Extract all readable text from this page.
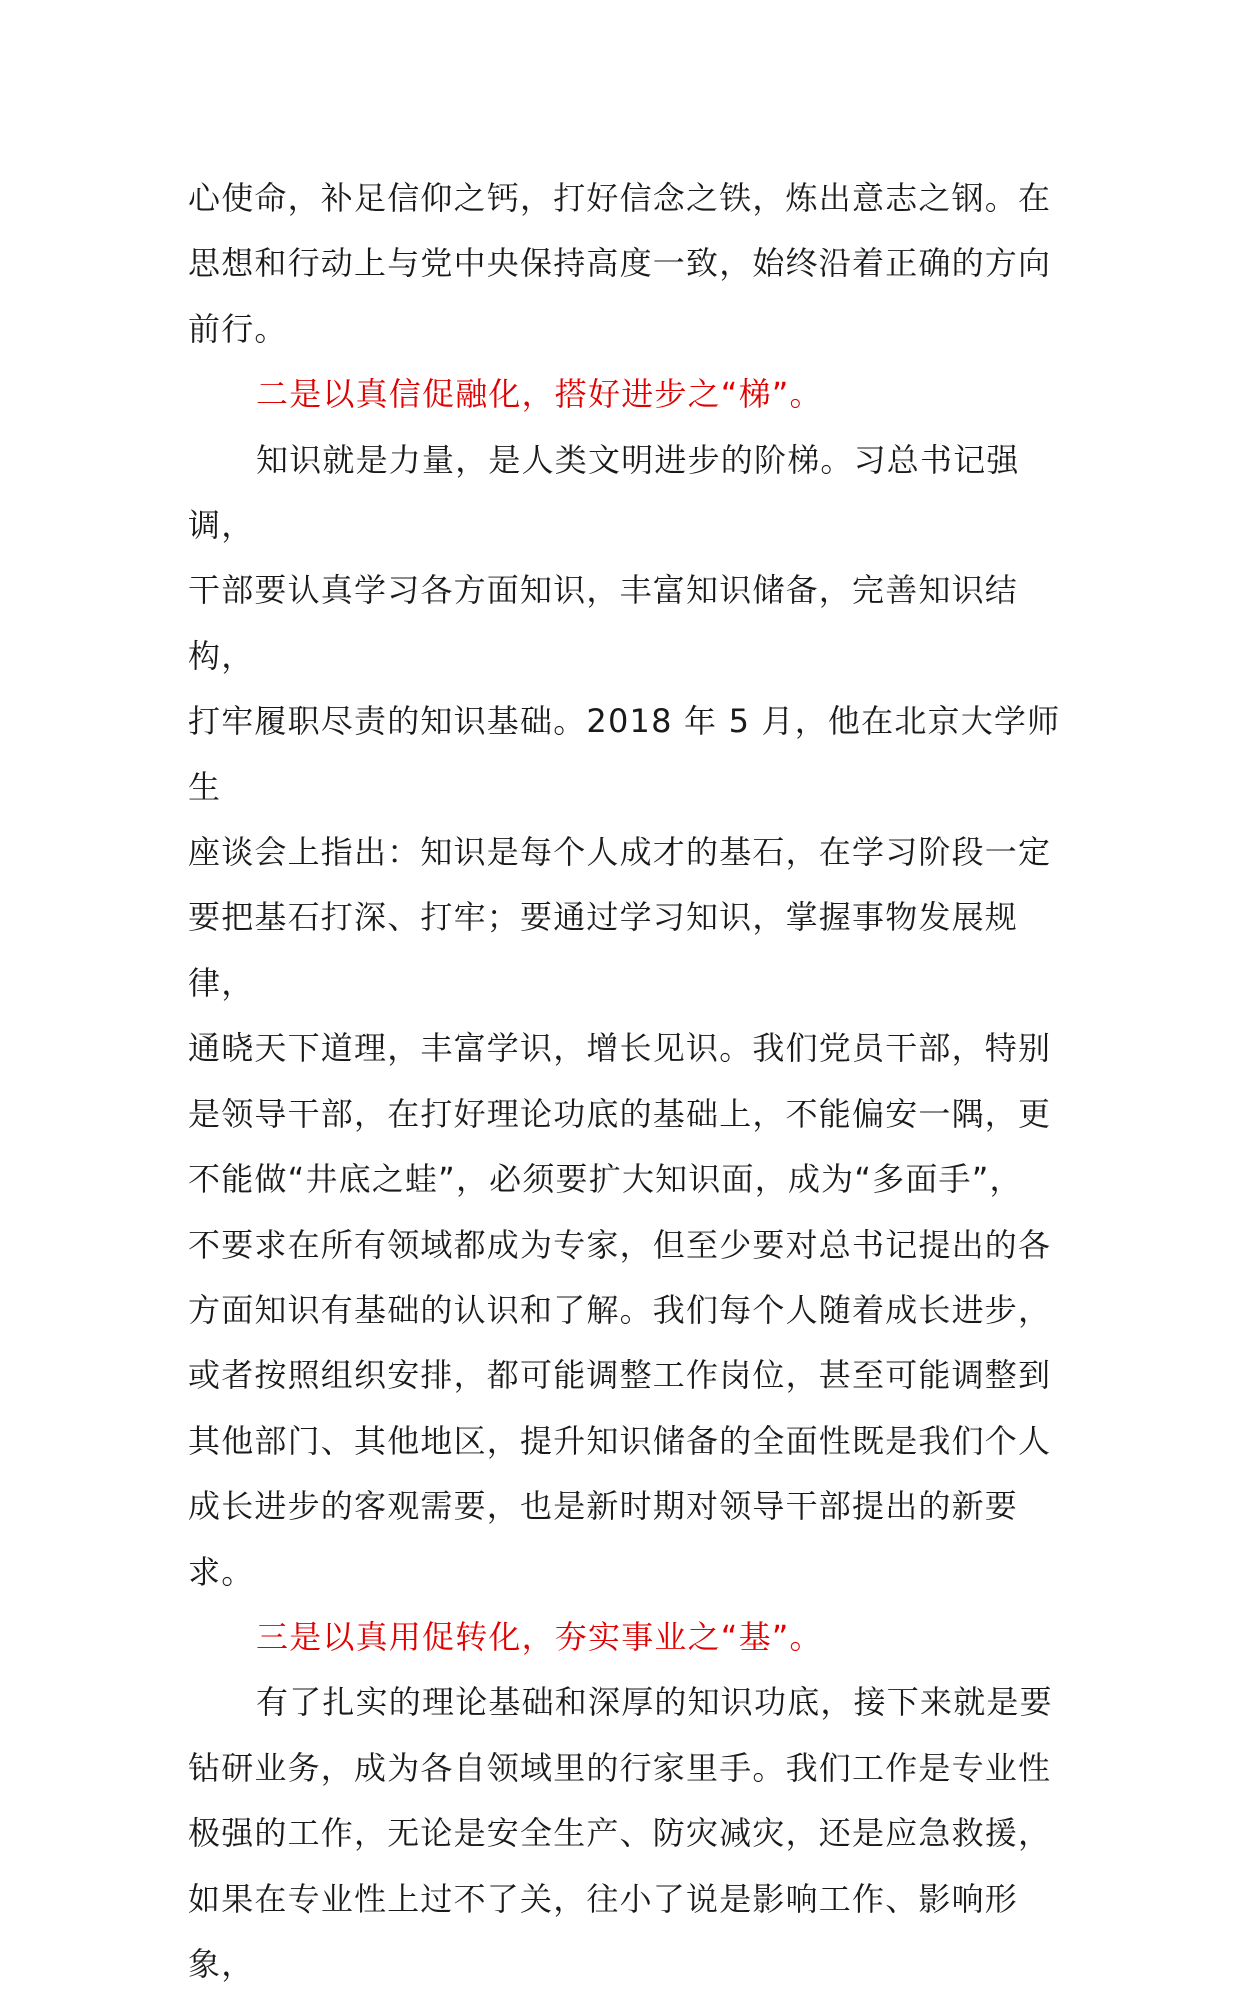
心使命，补足信仰之钙，打好信念之铁，炼出意志之钢。在
思想和行动上与党中央保持高度一致，始终沿着正确的方向
前行。

二是以真信促融化，搭好进步之“梯”。

知识就是力量，是人类文明进步的阶梯。习总书记强调，
干部要认真学习各方面知识，丰富知识储备，完善知识结构，
打牢履职尽责的知识基础。2018 年 5 月，他在北京大学师生
座谈会上指出：知识是每个人成才的基石，在学习阶段一定
要把基石打深、打牢；要通过学习知识，掌握事物发展规律，
通晓天下道理，丰富学识，增长见识。我们党员干部，特别
是领导干部，在打好理论功底的基础上，不能偏安一隅，更
不能做“井底之蛙”，必须要扩大知识面，成为“多面手”，
不要求在所有领域都成为专家，但至少要对总书记提出的各
方面知识有基础的认识和了解。我们每个人随着成长进步，
或者按照组织安排，都可能调整工作岗位，甚至可能调整到
其他部门、其他地区，提升知识储备的全面性既是我们个人
成长进步的客观需要，也是新时期对领导干部提出的新要求。

三是以真用促转化，夯实事业之“基”。

有了扎实的理论基础和深厚的知识功底，接下来就是要
钻研业务，成为各自领域里的行家里手。我们工作是专业性
极强的工作，无论是安全生产、防灾减灾，还是应急救援，
如果在专业性上过不了关，往小了说是影响工作、影响形象，
